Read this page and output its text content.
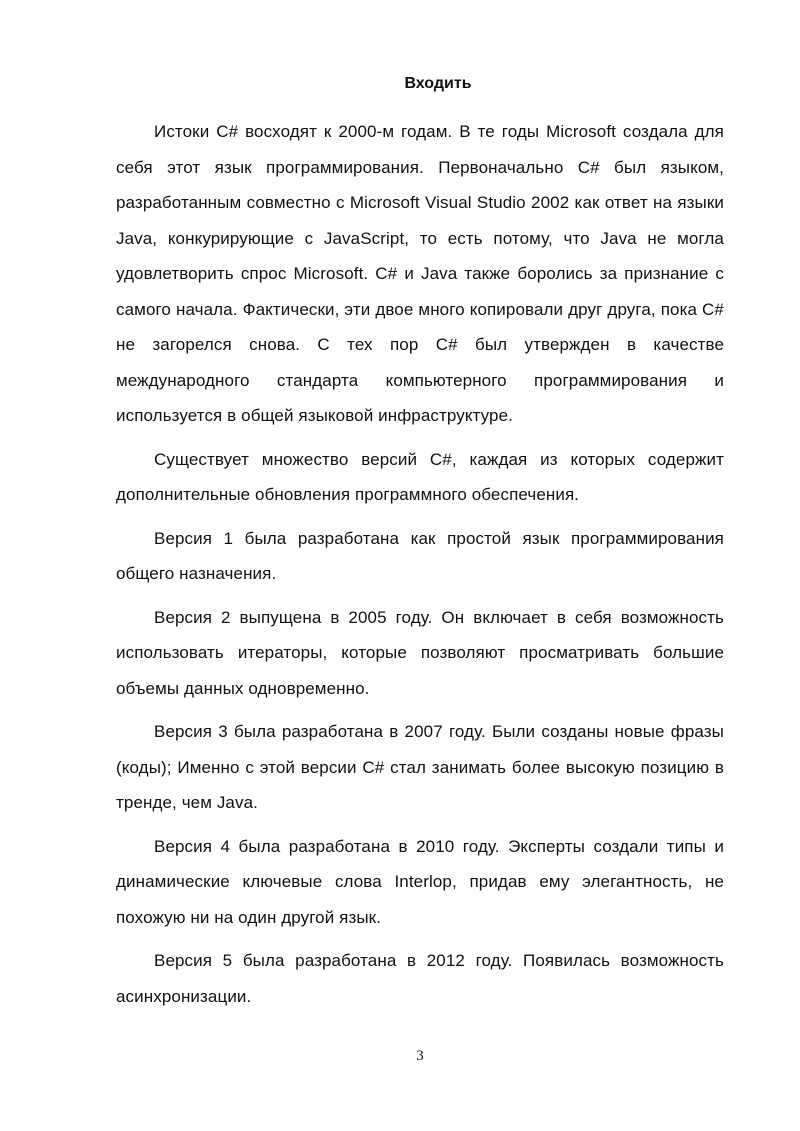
Входить

Истоки C# восходят к 2000-м годам. В те годы Microsoft создала для себя этот язык программирования. Первоначально C# был языком, разработанным совместно с Microsoft Visual Studio 2002 как ответ на языки Java, конкурирующие с JavaScript, то есть потому, что Java не могла удовлетворить спрос Microsoft. C# и Java также боролись за признание с самого начала. Фактически, эти двое много копировали друг друга, пока C# не загорелся снова. С тех пор C# был утвержден в качестве международного стандарта компьютерного программирования и используется в общей языковой инфраструктуре.

Существует множество версий C#, каждая из которых содержит дополнительные обновления программного обеспечения.

Версия 1 была разработана как простой язык программирования общего назначения.

Версия 2 выпущена в 2005 году. Он включает в себя возможность использовать итераторы, которые позволяют просматривать большие объемы данных одновременно.

Версия 3 была разработана в 2007 году. Были созданы новые фразы (коды); Именно с этой версии C# стал занимать более высокую позицию в тренде, чем Java.

Версия 4 была разработана в 2010 году. Эксперты создали типы и динамические ключевые слова Interlop, придав ему элегантность, не похожую ни на один другой язык.

Версия 5 была разработана в 2012 году. Появилась возможность асинхронизации.

3
